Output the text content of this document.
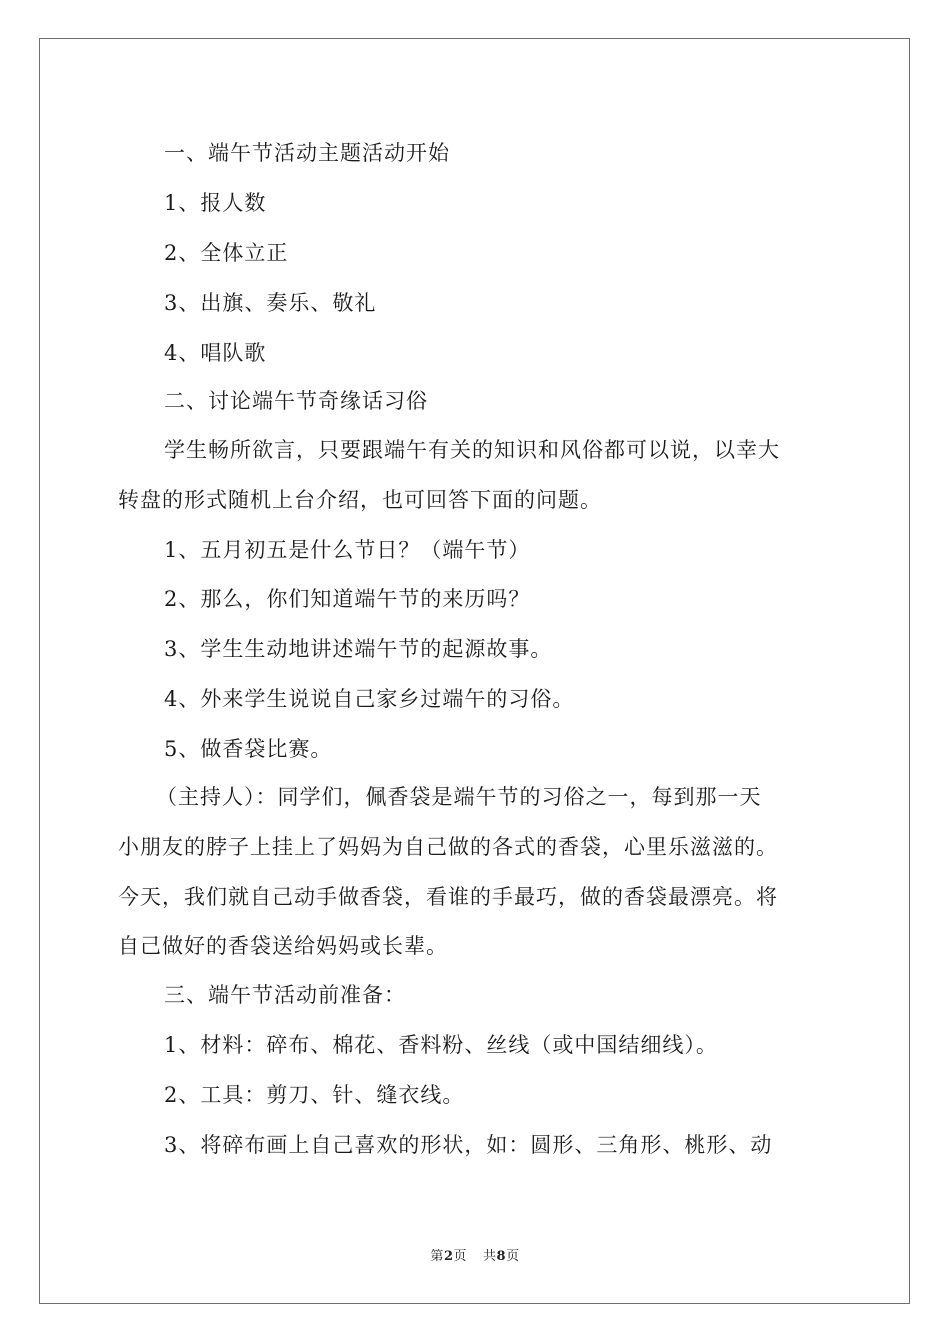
一、端午节活动主题活动开始
1、报人数
2、全体立正
3、出旗、奏乐、敬礼
4、唱队歌
二、讨论端午节奇缘话习俗
学生畅所欲言，只要跟端午有关的知识和风俗都可以说，以幸大
转盘的形式随机上台介绍，也可回答下面的问题。
1、五月初五是什么节日？（端午节）
2、那么，你们知道端午节的来历吗？
3、学生生动地讲述端午节的起源故事。
4、外来学生说说自己家乡过端午的习俗。
5、做香袋比赛。
（主持人）：同学们，佩香袋是端午节的习俗之一，每到那一天
小朋友的脖子上挂上了妈妈为自己做的各式的香袋，心里乐滋滋的。
今天，我们就自己动手做香袋，看谁的手最巧，做的香袋最漂亮。将
自己做好的香袋送给妈妈或长辈。
三、端午节活动前准备：
1、材料：碎布、棉花、香料粉、丝线（或中国结细线）。
2、工具：剪刀、针、缝衣线。
3、将碎布画上自己喜欢的形状，如：圆形、三角形、桃形、动
第2页 共8页
